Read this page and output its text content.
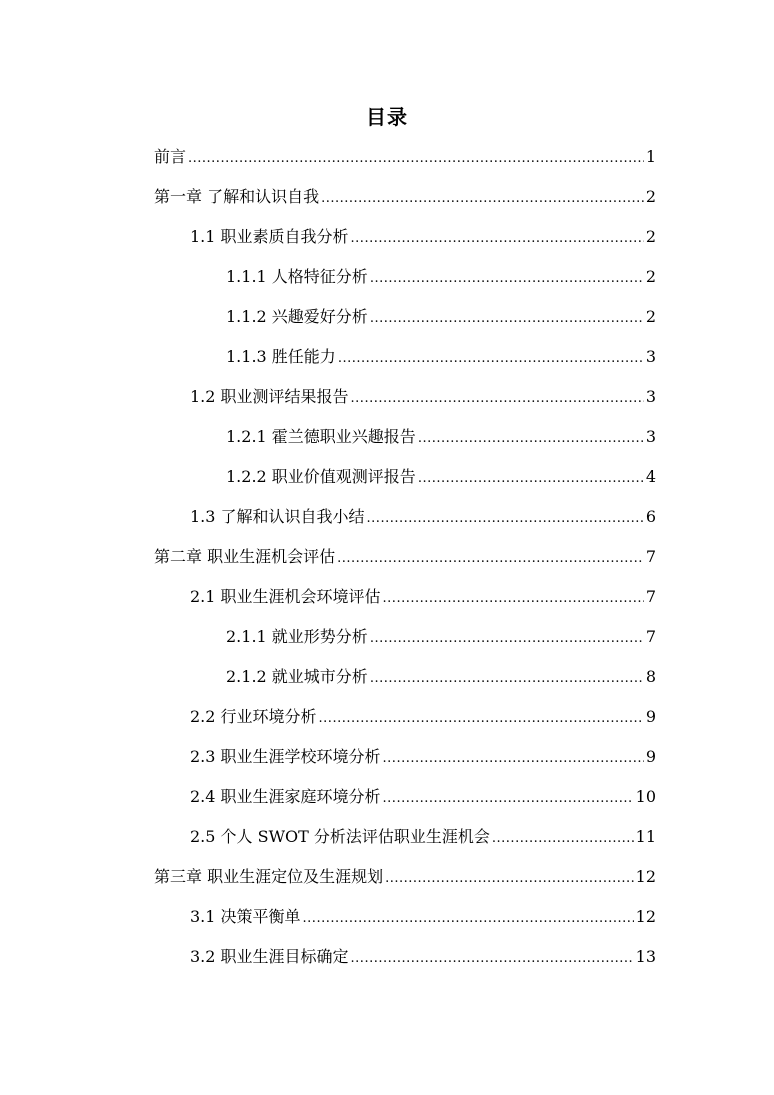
目录
前言 .....	1
第一章 了解和认识自我 .....	2
1.1 职业素质自我分析 .....	2
1.1.1 人格特征分析 .....	2
1.1.2 兴趣爱好分析 .....	2
1.1.3 胜任能力 .....	3
1.2 职业测评结果报告 .....	3
1.2.1 霍兰德职业兴趣报告 .....	3
1.2.2 职业价值观测评报告 .....	4
1.3 了解和认识自我小结 .....	6
第二章 职业生涯机会评估 .....	7
2.1 职业生涯机会环境评估 .....	7
2.1.1 就业形势分析 .....	7
2.1.2 就业城市分析 .....	8
2.2 行业环境分析 .....	9
2.3 职业生涯学校环境分析 .....	9
2.4 职业生涯家庭环境分析 .....	10
2.5 个人 SWOT 分析法评估职业生涯机会 .....	11
第三章 职业生涯定位及生涯规划 .....	12
3.1 决策平衡单 .....	12
3.2 职业生涯目标确定 .....	13
